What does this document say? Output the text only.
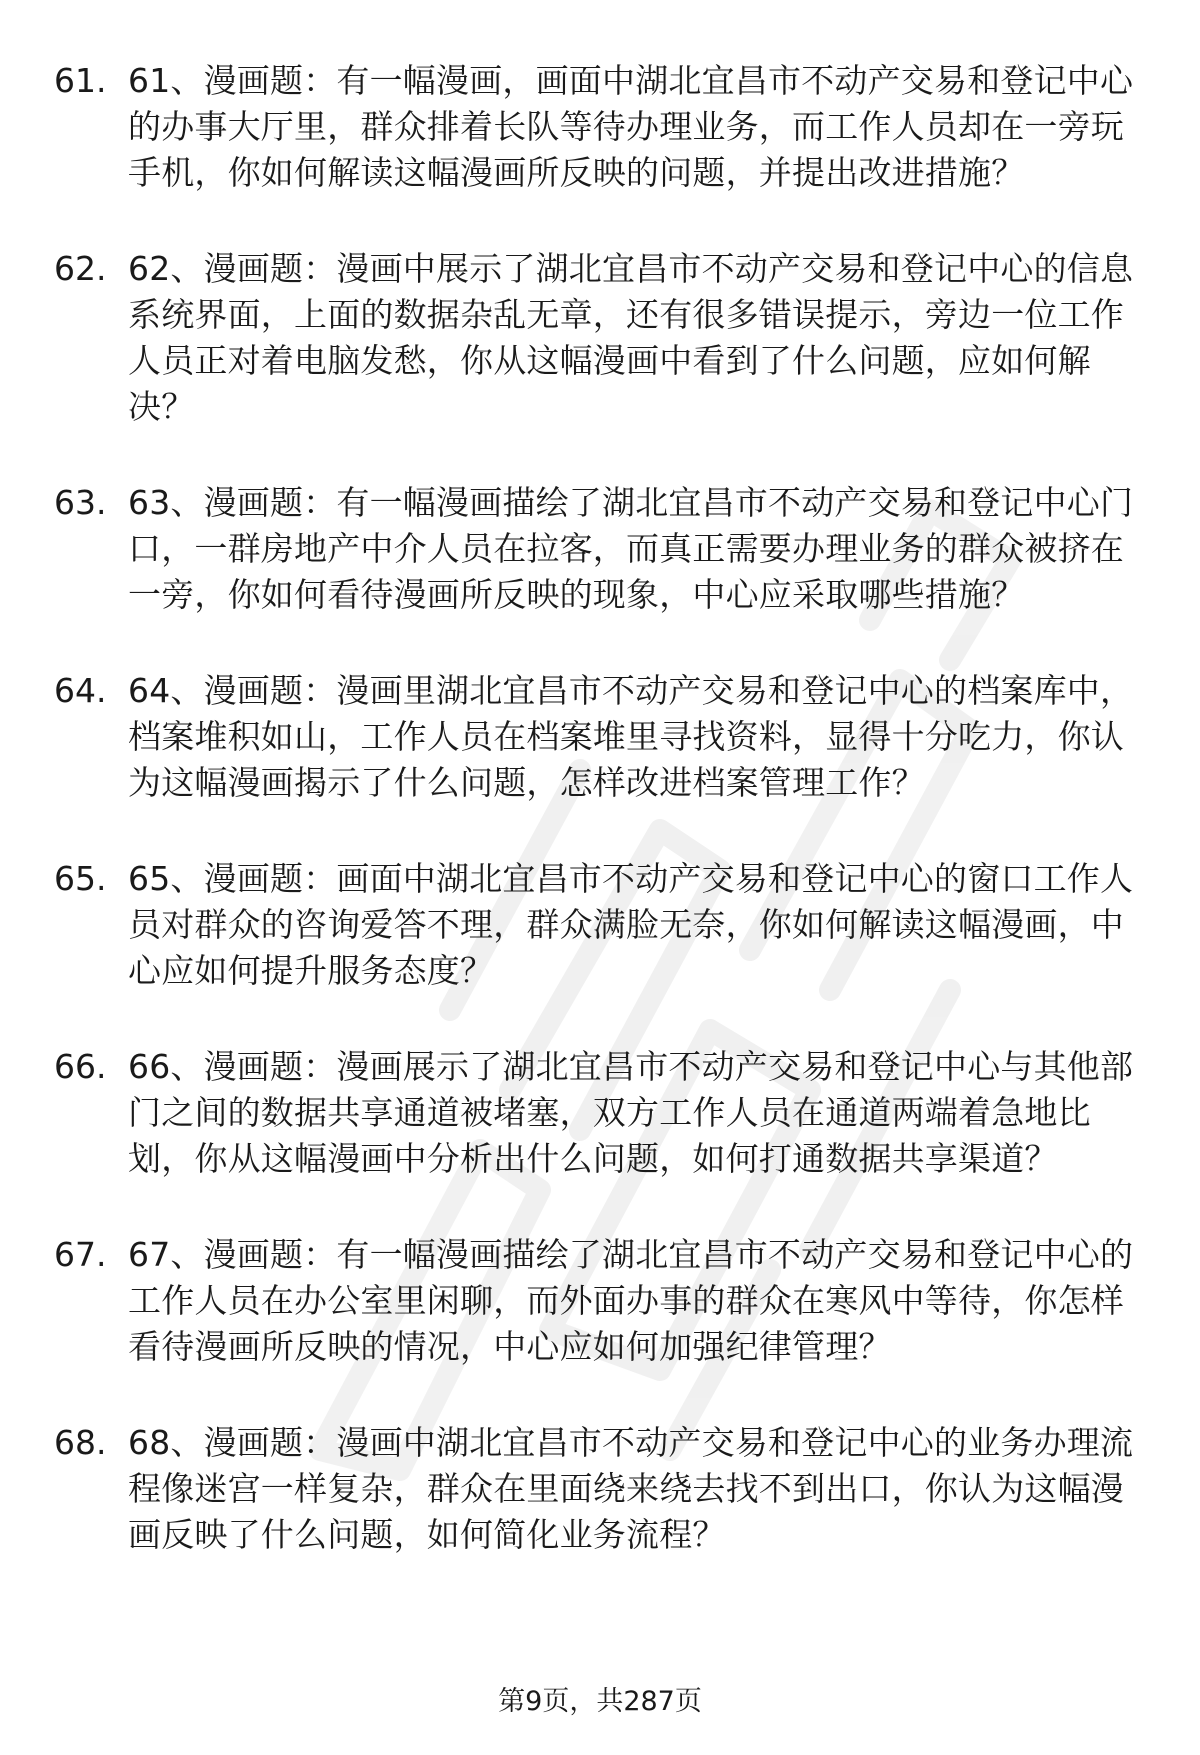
61. 61、漫画题：有一幅漫画，画面中湖北宜昌市不动产交易和登记中心的办事大厅里，群众排着长队等待办理业务，而工作人员却在一旁玩手机，你如何解读这幅漫画所反映的问题，并提出改进措施？
62. 62、漫画题：漫画中展示了湖北宜昌市不动产交易和登记中心的信息系统界面，上面的数据杂乱无章，还有很多错误提示，旁边一位工作人员正对着电脑发愁，你从这幅漫画中看到了什么问题，应如何解决？
63. 63、漫画题：有一幅漫画描绘了湖北宜昌市不动产交易和登记中心门口，一群房地产中介人员在拉客，而真正需要办理业务的群众被挤在一旁，你如何看待漫画所反映的现象，中心应采取哪些措施？
64. 64、漫画题：漫画里湖北宜昌市不动产交易和登记中心的档案库中，档案堆积如山，工作人员在档案堆里寻找资料，显得十分吃力，你认为这幅漫画揭示了什么问题，怎样改进档案管理工作？
65. 65、漫画题：画面中湖北宜昌市不动产交易和登记中心的窗口工作人员对群众的咨询爱答不理，群众满脸无奈，你如何解读这幅漫画，中心应如何提升服务态度？
66. 66、漫画题：漫画展示了湖北宜昌市不动产交易和登记中心与其他部门之间的数据共享通道被堵塞，双方工作人员在通道两端着急地比划，你从这幅漫画中分析出什么问题，如何打通数据共享渠道？
67. 67、漫画题：有一幅漫画描绘了湖北宜昌市不动产交易和登记中心的工作人员在办公室里闲聊，而外面办事的群众在寒风中等待，你怎样看待漫画所反映的情况，中心应如何加强纪律管理？
68. 68、漫画题：漫画中湖北宜昌市不动产交易和登记中心的业务办理流程像迷宫一样复杂，群众在里面绕来绕去找不到出口，你认为这幅漫画反映了什么问题，如何简化业务流程？
第9页，共287页
